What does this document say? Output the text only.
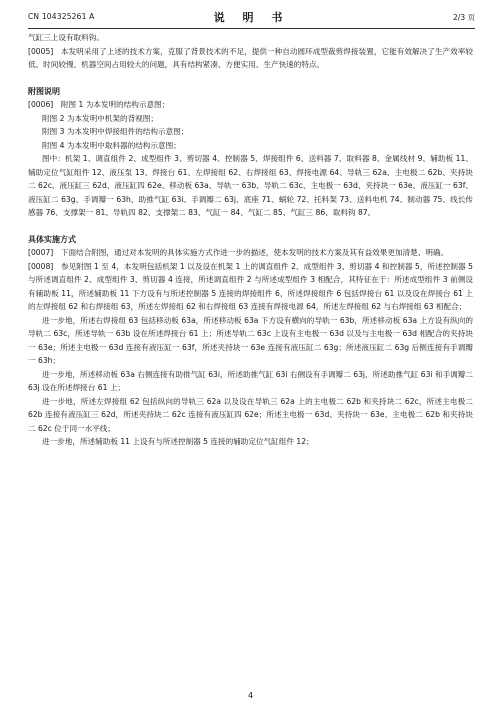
CN 104325261 A	说 明 书	2/3 页

气缸三上设有取料钩。

[0005]　本发明采用了上述的技术方案，克服了背景技术的不足，提供一种自动圆环成型裁剪焊接装置，它能有效解决了生产效率较低、时间较慢、机器空间占用较大的问题，具有结构紧凑、方便实用、生产快速的特点。

附图说明

[0006]　附图 1 为本发明的结构示意图；

附图 2 为本发明中机架的背视图；

附图 3 为本发明中焊接组件的结构示意图；

附图 4 为本发明中取料器的结构示意图；

图中：机架 1、调直组件 2、成型组件 3、剪切器 4、控制器 5、焊接组件 6、送料器 7、取料器 8、金属线材 9、辅助板 11、辅助定位气缸组件 12、液压泵 13、焊接台 61、左焊接组 62、右焊接组 63、焊接电源 64、导轨三 62a、主电极二 62b、夹持块二 62c、液压缸三 62d、液压缸四 62e、移动板 63a、导轨一 63b、导轨二 63c、主电极一 63d、夹持块一 63e、液压缸一 63f、液压缸二 63g、手调瓣一 63h、助推气缸 63i、手调瓣二 63j、底座 71、蜗轮 72、托料架 73、送料电机 74、制动器 75、线长传感器 76、支撑架一 81、导轨四 82、支撑架二 83、气缸一 84、气缸二 85、气缸三 86、取料钩 87。

具体实施方式

[0007]　下面结合附图，通过对本发明的具体实施方式作进一步的描述，使本发明的技术方案及其有益效果更加清楚、明确。

[0008]　参见附图 1 至 4，本发明包括机架 1 以及设在机架 1 上的调直组件 2、成型组件 3、剪切器 4 和控制器 5，所述控制器 5 与所述调直组件 2、成型组件 3、剪切器 4 连接，所述调直组件 2 与所述成型组件 3 相配合，其特征在于：所述成型组件 3 前侧设有辅助板 11，所述辅助板 11 下方设有与所述控制器 5 连接的焊接组件 6，所述焊接组件 6 包括焊接台 61 以及设在焊接台 61 上的左焊接组 62 和右焊接组 63，所述左焊接组 62 和右焊接组 63 连接有焊接电源 64，所述左焊接组 62 与右焊接组 63 相配合；

进一步地，所述右焊接组 63 包括移动板 63a，所述移动板 63a 下方设有横向的导轨一 63b，所述移动板 63a 上方设有纵向的导轨二 63c，所述导轨一 63b 设在所述焊接台 61 上；所述导轨二 63c 上设有主电极一 63d 以及与主电极一 63d 相配合的夹持块一 63e；所述主电极一 63d 连接有液压缸一 63f，所述夹持块一 63e 连接有液压缸二 63g；所述液压缸二 63g 后侧连接有手调瓣一 63h；

进一步地，所述移动板 63a 右侧连接有助推气缸 63i，所述助推气缸 63i 右侧设有手调瓣二 63j，所述助推气缸 63i 和手调瓣二 63j 设在所述焊接台 61 上；

进一步地，所述左焊接组 62 包括纵向的导轨三 62a 以及设在导轨三 62a 上的主电极二 62b 和夹持块二 62c，所述主电极二 62b 连接有液压缸三 62d，所述夹持块二 62c 连接有液压缸四 62e；所述主电极一 63d、夹持块一 63e、主电极二 62b 和夹持块二 62c 位于同一水平线；

进一步地，所述辅助板 11 上设有与所述控制器 5 连接的辅助定位气缸组件 12；

4
